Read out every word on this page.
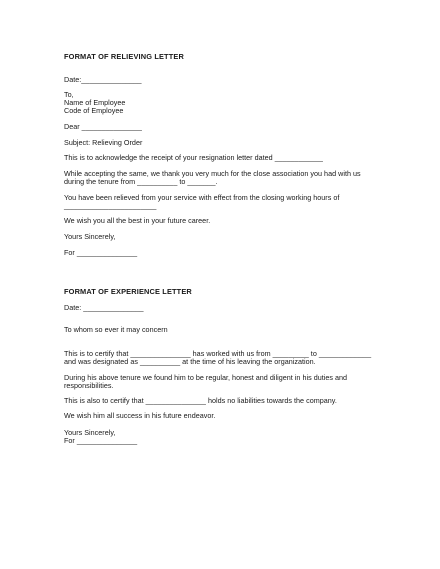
FORMAT OF RELIEVING LETTER
Date:_______________
To,
Name of Employee
Code of Employee
Dear _______________
Subject: Relieving Order
This is to acknowledge the receipt of your resignation letter dated ____________
While accepting the same, we thank you very much for the close association you had with us
during the tenure from __________ to _______.
You have been relieved from your service with effect from the closing working hours of
_______________________
We wish you all the best in your future career.
Yours Sincerely,
For _______________
FORMAT OF EXPERIENCE LETTER
Date: _______________
To whom so ever it may concern
This is to certify that _______________ has worked with us from _________ to _____________
and was designated as __________ at the time of his leaving the organization.
During his above tenure we found him to be regular, honest and diligent in his duties and
responsibilities.
This is also to certify that _______________ holds no liabilities towards the company.
We wish him all success in his future endeavor.
Yours Sincerely,
For _______________
